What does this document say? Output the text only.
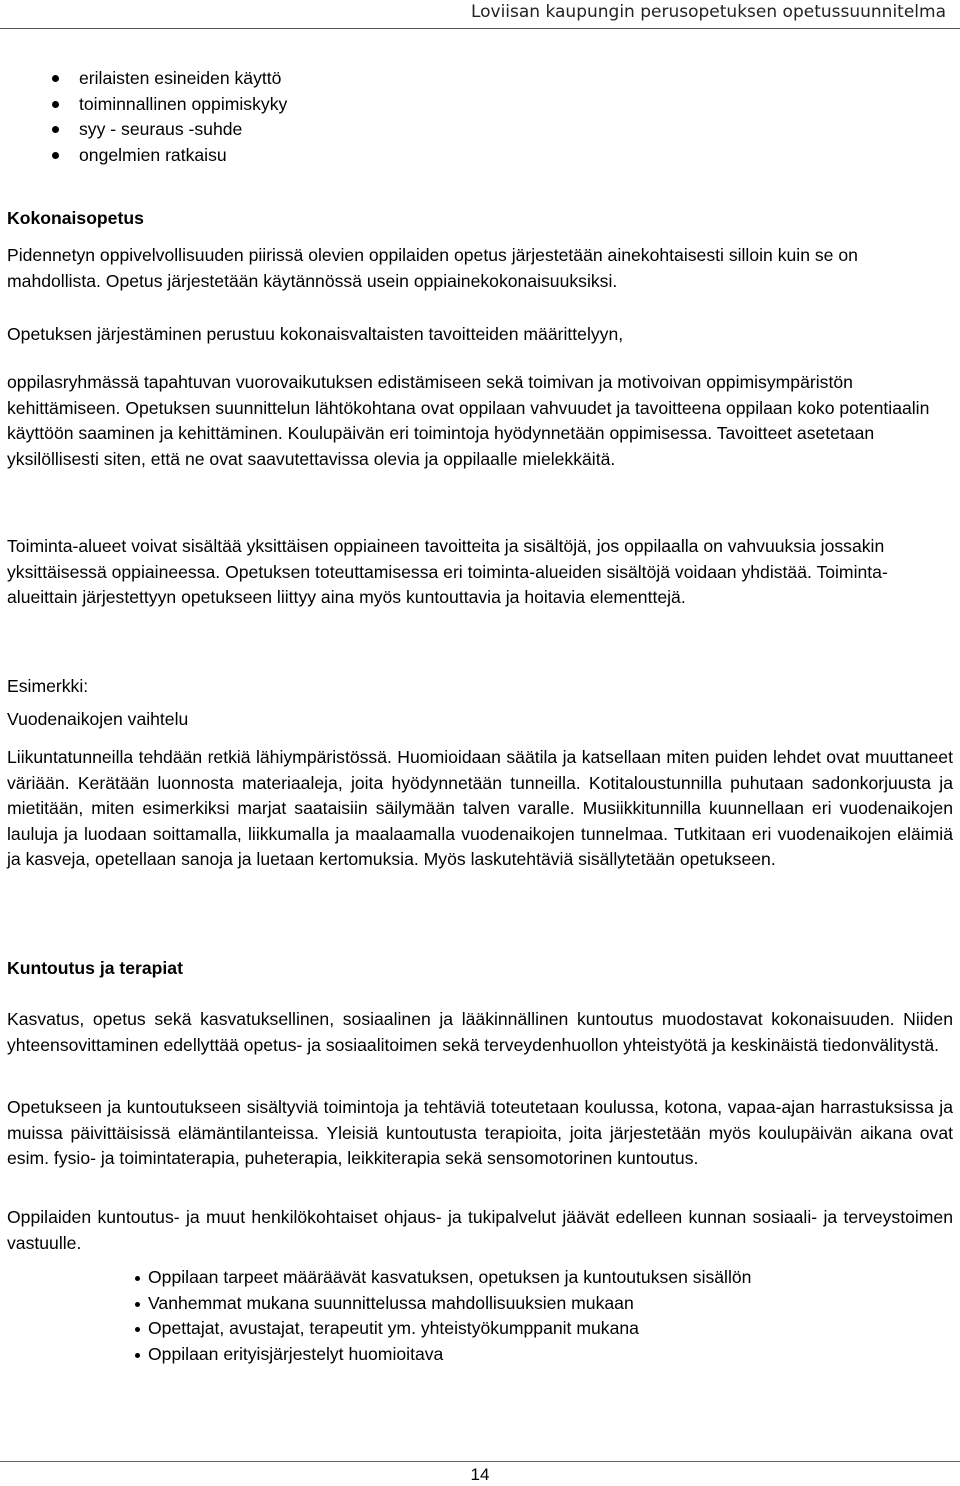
Loviisan kaupungin perusopetuksen opetussuunnitelma
erilaisten esineiden käyttö
toiminnallinen oppimiskyky
syy - seuraus -suhde
ongelmien ratkaisu
Kokonaisopetus

Pidennetyn oppivelvollisuuden piirissä olevien oppilaiden opetus järjestetään ainekohtaisesti silloin kuin se on mahdollista. Opetus järjestetään käytännössä usein oppiainekokonaisuuksiksi.

Opetuksen järjestäminen perustuu kokonaisvaltaisten tavoitteiden määrittelyyn,

oppilasryhmässä tapahtuvan vuorovaikutuksen edistämiseen sekä toimivan ja motivoivan oppimisympäristön kehittämiseen. Opetuksen suunnittelun lähtökohtana ovat oppilaan vahvuudet ja tavoitteena oppilaan koko potentiaalin käyttöön saaminen ja kehittäminen. Koulupäivän eri toimintoja hyödynnetään oppimisessa. Tavoitteet asetetaan yksilöllisesti siten, että ne ovat saavutettavissa olevia ja oppilaalle mielekkäitä.

Toiminta-alueet voivat sisältää yksittäisen oppiaineen tavoitteita ja sisältöjä, jos oppilaalla on vahvuuksia jossakin yksittäisessä oppiaineessa. Opetuksen toteuttamisessa eri toiminta-alueiden sisältöjä voidaan yhdistää. Toiminta-alueittain järjestettyyn opetukseen liittyy aina myös kuntouttavia ja hoitavia elementtejä.

Esimerkki:

Vuodenaikojen vaihtelu

Liikuntatunneilla tehdään retkiä lähiympäristössä. Huomioidaan säätila ja katsellaan miten puiden lehdet ovat muuttaneet väriään. Kerätään luonnosta materiaaleja, joita hyödynnetään tunneilla. Kotitaloustunnilla puhutaan sadonkorjuusta ja mietitään, miten esimerkiksi marjat saataisiin säilymään talven varalle. Musiikkitunnilla kuunnellaan eri vuodenaikojen lauluja ja luodaan soittamalla, liikkumalla ja maalaamalla vuodenaikojen tunnelmaa. Tutkitaan eri vuodenaikojen eläimiä ja kasveja, opetellaan sanoja ja luetaan kertomuksia. Myös laskutehtäviä sisällytetään opetukseen.

Kuntoutus ja terapiat

Kasvatus, opetus sekä kasvatuksellinen, sosiaalinen ja lääkinnällinen kuntoutus muodostavat kokonaisuuden. Niiden yhteensovittaminen edellyttää opetus- ja sosiaalitoimen sekä terveydenhuollon yhteistyötä ja keskinäistä tiedonvälitystä.

Opetukseen ja kuntoutukseen sisältyviä toimintoja ja tehtäviä toteutetaan koulussa, kotona, vapaa-ajan harrastuksissa ja muissa päivittäisissä elämäntilanteissa. Yleisiä kuntoutusta terapioita, joita järjestetään myös koulupäivän aikana ovat esim. fysio- ja toimintaterapia, puheterapia, leikkiterapia sekä sensomotorinen kuntoutus.

Oppilaiden kuntoutus- ja muut henkilökohtaiset ohjaus- ja tukipalvelut jäävät edelleen kunnan sosiaali- ja terveystoimen vastuulle.

Oppilaan tarpeet määräävät kasvatuksen, opetuksen ja kuntoutuksen sisällön
Vanhemmat mukana suunnittelussa mahdollisuuksien mukaan
Opettajat, avustajat, terapeutit ym. yhteistyökumppanit mukana
Oppilaan erityisjärjestelyt huomioitava
14
